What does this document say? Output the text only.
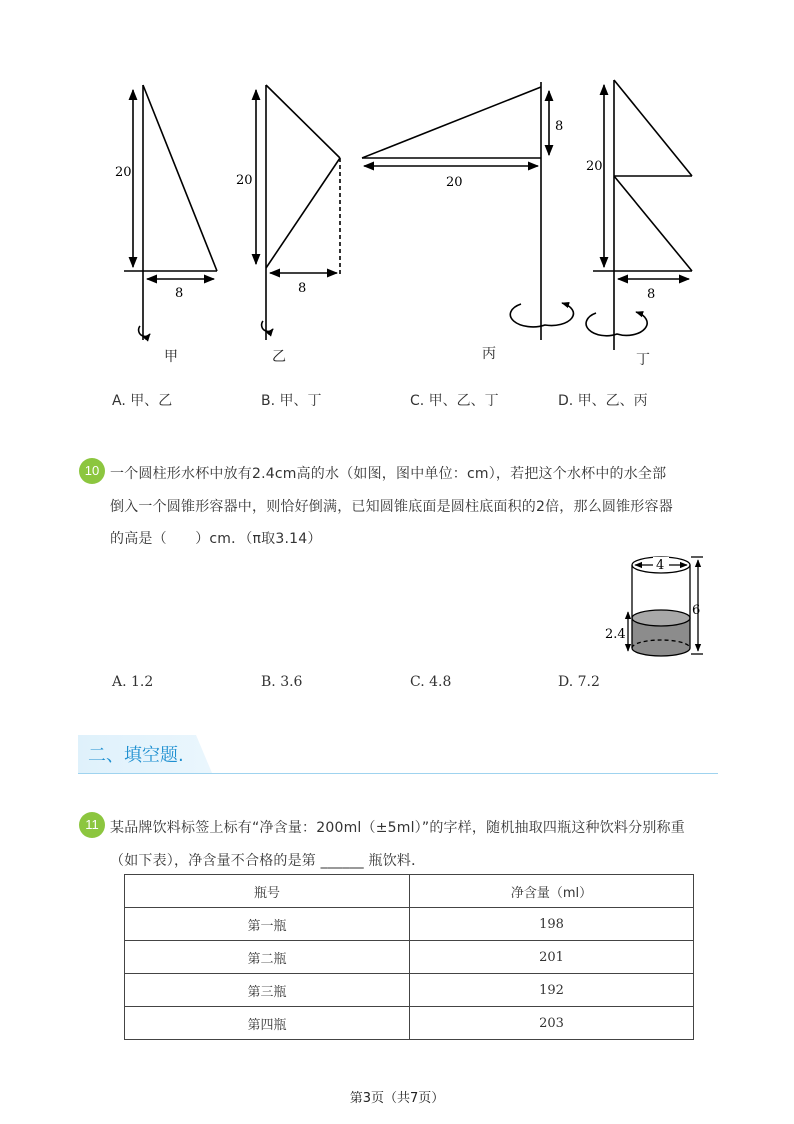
20
8
20
8
8
20
20
8
甲	乙	丙	丁
A. 甲、乙	B. 甲、丁	C. 甲、乙、丁	D. 甲、乙、丙
10 一个圆柱形水杯中放有2.4cm高的水（如图，图中单位：cm），若把这个水杯中的水全部
倒入一个圆锥形容器中，则恰好倒满，已知圆锥底面是圆柱底面积的2倍，那么圆锥形容器
的高是（　　）cm．（π取3.14）
4
6
2.4
A. 1.2	B. 3.6	C. 4.8	D. 7.2
二、填空题.
11 某品牌饮料标签上标有“净含量：200ml（±5ml）”的字样，随机抽取四瓶这种饮料分别称重
（如下表），净含量不合格的是第 ______ 瓶饮料．
瓶号	净含量（ml）
第一瓶	198
第二瓶	201
第三瓶	192
第四瓶	203
第3页（共7页）
